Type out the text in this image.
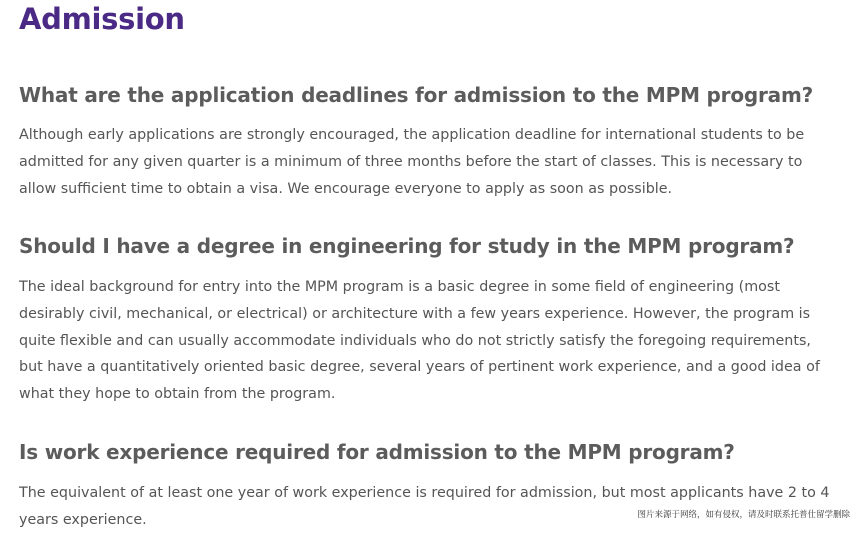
Admission
What are the application deadlines for admission to the MPM program?

Although early applications are strongly encouraged, the application deadline for international students to be admitted for any given quarter is a minimum of three months before the start of classes. This is necessary to allow sufficient time to obtain a visa. We encourage everyone to apply as soon as possible.

Should I have a degree in engineering for study in the MPM program?

The ideal background for entry into the MPM program is a basic degree in some field of engineering (most desirably civil, mechanical, or electrical) or architecture with a few years experience. However, the program is quite flexible and can usually accommodate individuals who do not strictly satisfy the foregoing requirements, but have a quantitatively oriented basic degree, several years of pertinent work experience, and a good idea of what they hope to obtain from the program.

Is work experience required for admission to the MPM program?

The equivalent of at least one year of work experience is required for admission, but most applicants have 2 to 4 years experience.	图片来源于网络，如有侵权，请及时联系托普仕留学删除
